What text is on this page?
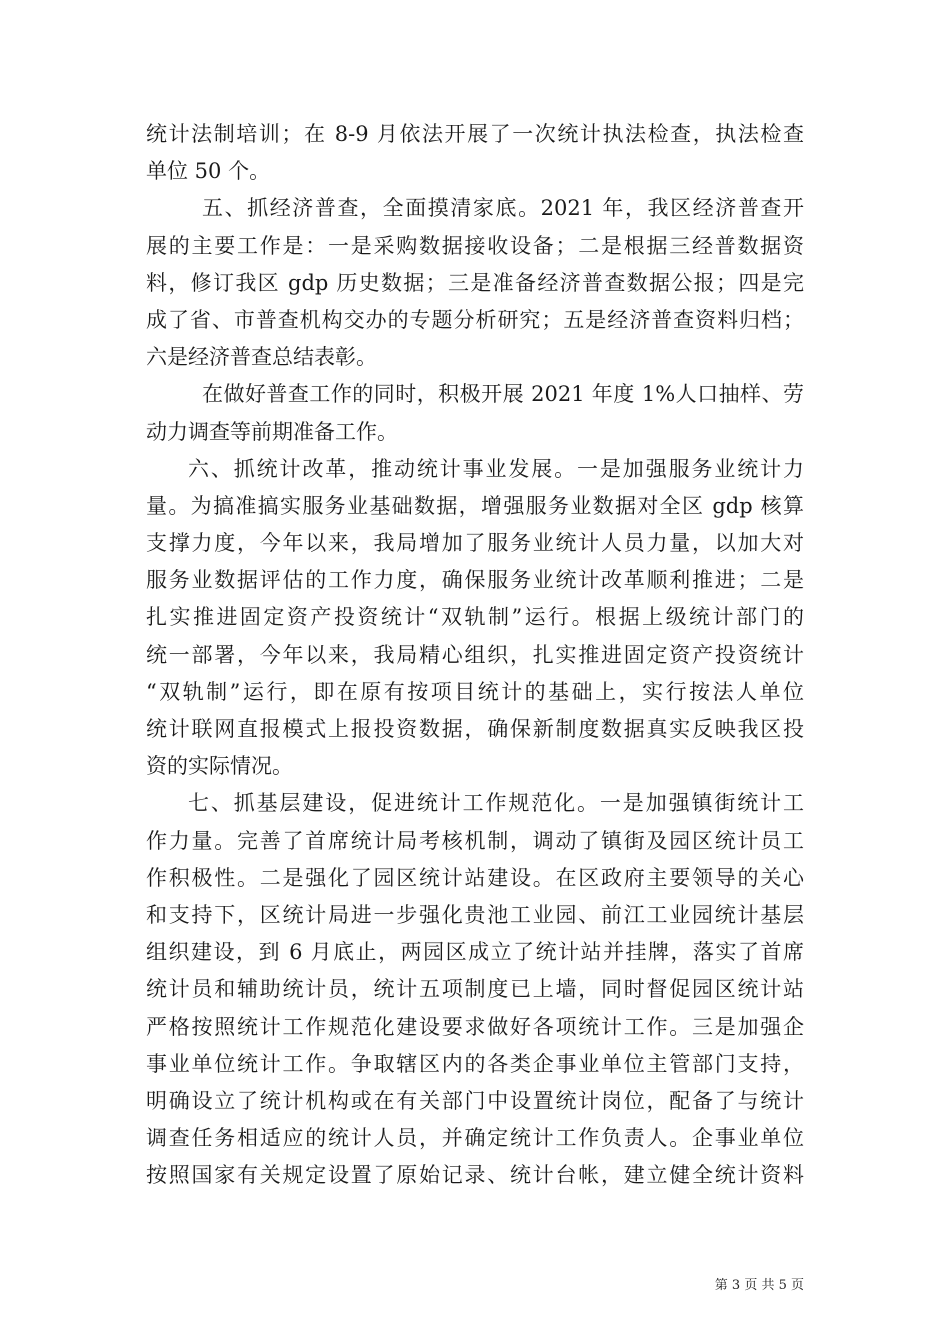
统计法制培训；在 8-9 月依法开展了一次统计执法检查，执法检查
单位 50 个。
五、抓经济普查，全面摸清家底。2021 年，我区经济普查开
展的主要工作是：一是采购数据接收设备；二是根据三经普数据资
料，修订我区 gdp 历史数据；三是准备经济普查数据公报；四是完
成了省、市普查机构交办的专题分析研究；五是经济普查资料归档；
六是经济普查总结表彰。
在做好普查工作的同时，积极开展 2021 年度 1%人口抽样、劳
动力调查等前期准备工作。
六、抓统计改革，推动统计事业发展。一是加强服务业统计力
量。为搞准搞实服务业基础数据，增强服务业数据对全区 gdp 核算
支撑力度，今年以来，我局增加了服务业统计人员力量，以加大对
服务业数据评估的工作力度，确保服务业统计改革顺利推进；二是
扎实推进固定资产投资统计“双轨制”运行。根据上级统计部门的
统一部署，今年以来，我局精心组织，扎实推进固定资产投资统计
“双轨制”运行，即在原有按项目统计的基础上，实行按法人单位
统计联网直报模式上报投资数据，确保新制度数据真实反映我区投
资的实际情况。
七、抓基层建设，促进统计工作规范化。一是加强镇街统计工
作力量。完善了首席统计局考核机制，调动了镇街及园区统计员工
作积极性。二是强化了园区统计站建设。在区政府主要领导的关心
和支持下，区统计局进一步强化贵池工业园、前江工业园统计基层
组织建设，到 6 月底止，两园区成立了统计站并挂牌，落实了首席
统计员和辅助统计员，统计五项制度已上墙，同时督促园区统计站
严格按照统计工作规范化建设要求做好各项统计工作。三是加强企
事业单位统计工作。争取辖区内的各类企事业单位主管部门支持，
明确设立了统计机构或在有关部门中设置统计岗位，配备了与统计
调查任务相适应的统计人员，并确定统计工作负责人。企事业单位
按照国家有关规定设置了原始记录、统计台帐，建立健全统计资料
第 3 页 共 5 页
